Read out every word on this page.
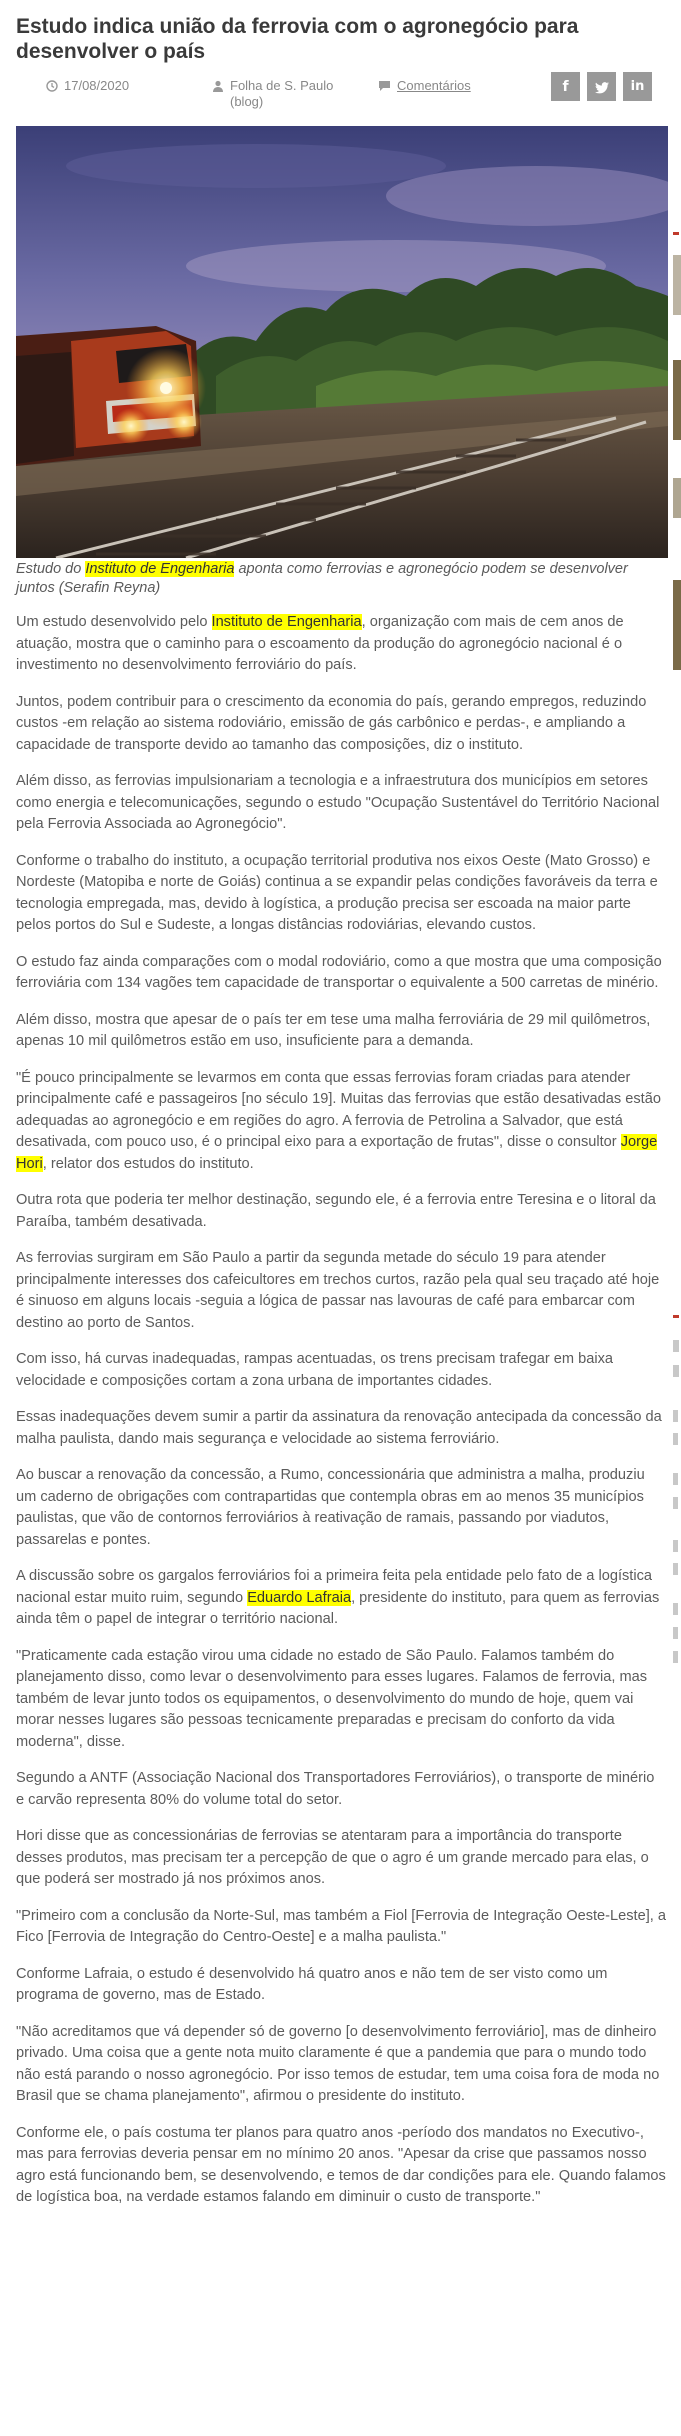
Estudo indica união da ferrovia com o agronegócio para desenvolver o país
17/08/2020	Folha de S. Paulo (blog)
Comentários	f	in

Estudo do Instituto de Engenharia aponta como ferrovias e agronegócio podem se desenvolver juntos (Serafin Reyna)

Um estudo desenvolvido pelo Instituto de Engenharia, organização com mais de cem anos de atuação, mostra que o caminho para o escoamento da produção do agronegócio nacional é o investimento no desenvolvimento ferroviário do país.

Juntos, podem contribuir para o crescimento da economia do país, gerando empregos, reduzindo custos -em relação ao sistema rodoviário, emissão de gás carbônico e perdas-, e ampliando a capacidade de transporte devido ao tamanho das composições, diz o instituto.

Além disso, as ferrovias impulsionariam a tecnologia e a infraestrutura dos municípios em setores como energia e telecomunicações, segundo o estudo "Ocupação Sustentável do Território Nacional pela Ferrovia Associada ao Agronegócio".

Conforme o trabalho do instituto, a ocupação territorial produtiva nos eixos Oeste (Mato Grosso) e Nordeste (Matopiba e norte de Goiás) continua a se expandir pelas condições favoráveis da terra e tecnologia empregada, mas, devido à logística, a produção precisa ser escoada na maior parte pelos portos do Sul e Sudeste, a longas distâncias rodoviárias, elevando custos.

O estudo faz ainda comparações com o modal rodoviário, como a que mostra que uma composição ferroviária com 134 vagões tem capacidade de transportar o equivalente a 500 carretas de minério.

Além disso, mostra que apesar de o país ter em tese uma malha ferroviária de 29 mil quilômetros, apenas 10 mil quilômetros estão em uso, insuficiente para a demanda.

"É pouco principalmente se levarmos em conta que essas ferrovias foram criadas para atender principalmente café e passageiros [no século 19]. Muitas das ferrovias que estão desativadas estão adequadas ao agronegócio e em regiões do agro. A ferrovia de Petrolina a Salvador, que está desativada, com pouco uso, é o principal eixo para a exportação de frutas", disse o consultor Jorge Hori, relator dos estudos do instituto.

Outra rota que poderia ter melhor destinação, segundo ele, é a ferrovia entre Teresina e o litoral da Paraíba, também desativada.

As ferrovias surgiram em São Paulo a partir da segunda metade do século 19 para atender principalmente interesses dos cafeicultores em trechos curtos, razão pela qual seu traçado até hoje é sinuoso em alguns locais -seguia a lógica de passar nas lavouras de café para embarcar com destino ao porto de Santos.

Com isso, há curvas inadequadas, rampas acentuadas, os trens precisam trafegar em baixa velocidade e composições cortam a zona urbana de importantes cidades.

Essas inadequações devem sumir a partir da assinatura da renovação antecipada da concessão da malha paulista, dando mais segurança e velocidade ao sistema ferroviário.

Ao buscar a renovação da concessão, a Rumo, concessionária que administra a malha, produziu um caderno de obrigações com contrapartidas que contempla obras em ao menos 35 municípios paulistas, que vão de contornos ferroviários à reativação de ramais, passando por viadutos, passarelas e pontes.

A discussão sobre os gargalos ferroviários foi a primeira feita pela entidade pelo fato de a logística nacional estar muito ruim, segundo Eduardo Lafraia, presidente do instituto, para quem as ferrovias ainda têm o papel de integrar o território nacional.

"Praticamente cada estação virou uma cidade no estado de São Paulo. Falamos também do planejamento disso, como levar o desenvolvimento para esses lugares. Falamos de ferrovia, mas também de levar junto todos os equipamentos, o desenvolvimento do mundo de hoje, quem vai morar nesses lugares são pessoas tecnicamente preparadas e precisam do conforto da vida moderna", disse.

Segundo a ANTF (Associação Nacional dos Transportadores Ferroviários), o transporte de minério e carvão representa 80% do volume total do setor.

Hori disse que as concessionárias de ferrovias se atentaram para a importância do transporte desses produtos, mas precisam ter a percepção de que o agro é um grande mercado para elas, o que poderá ser mostrado já nos próximos anos.

"Primeiro com a conclusão da Norte-Sul, mas também a Fiol [Ferrovia de Integração Oeste-Leste], a Fico [Ferrovia de Integração do Centro-Oeste] e a malha paulista."

Conforme Lafraia, o estudo é desenvolvido há quatro anos e não tem de ser visto como um programa de governo, mas de Estado.

"Não acreditamos que vá depender só de governo [o desenvolvimento ferroviário], mas de dinheiro privado. Uma coisa que a gente nota muito claramente é que a pandemia que para o mundo todo não está parando o nosso agronegócio. Por isso temos de estudar, tem uma coisa fora de moda no Brasil que se chama planejamento", afirmou o presidente do instituto.

Conforme ele, o país costuma ter planos para quatro anos -período dos mandatos no Executivo-, mas para ferrovias deveria pensar em no mínimo 20 anos. "Apesar da crise que passamos nosso agro está funcionando bem, se desenvolvendo, e temos de dar condições para ele. Quando falamos de logística boa, na verdade estamos falando em diminuir o custo de transporte."
